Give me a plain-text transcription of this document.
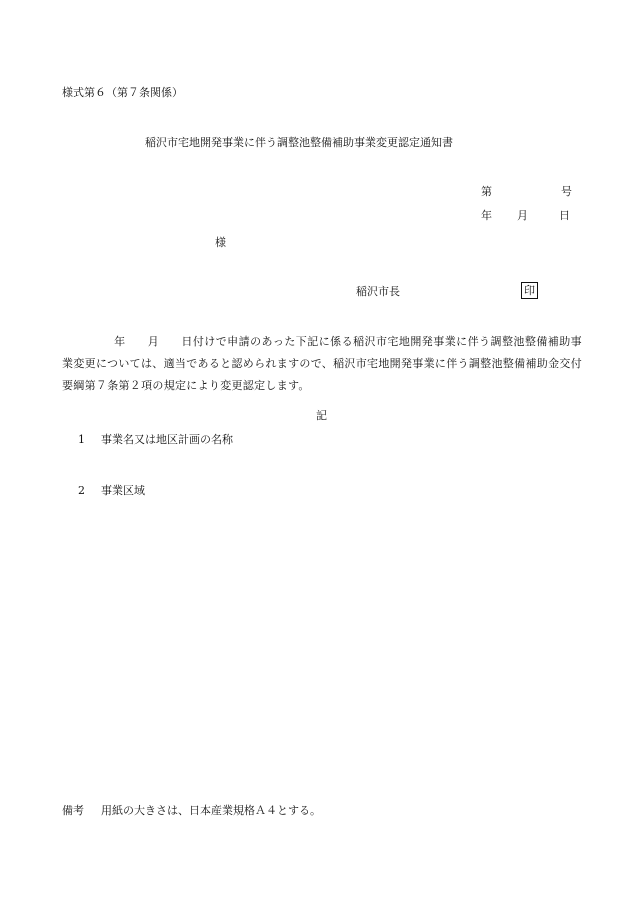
様式第６（第７条関係）
稲沢市宅地開発事業に伴う調整池整備補助事業変更認定通知書
第	号
年 月	日
様
稲沢市長	印
年 月 日付けで申請のあった下記に係る稲沢市宅地開発事業に伴う調整池整備補助事業変更については、適当であると認められますので、稲沢市宅地開発事業に伴う調整池整備補助金交付要綱第７条第２項の規定により変更認定します。
記
1 事業名又は地区計画の名称
2 事業区域
備考 用紙の大きさは、日本産業規格Ａ４とする。
